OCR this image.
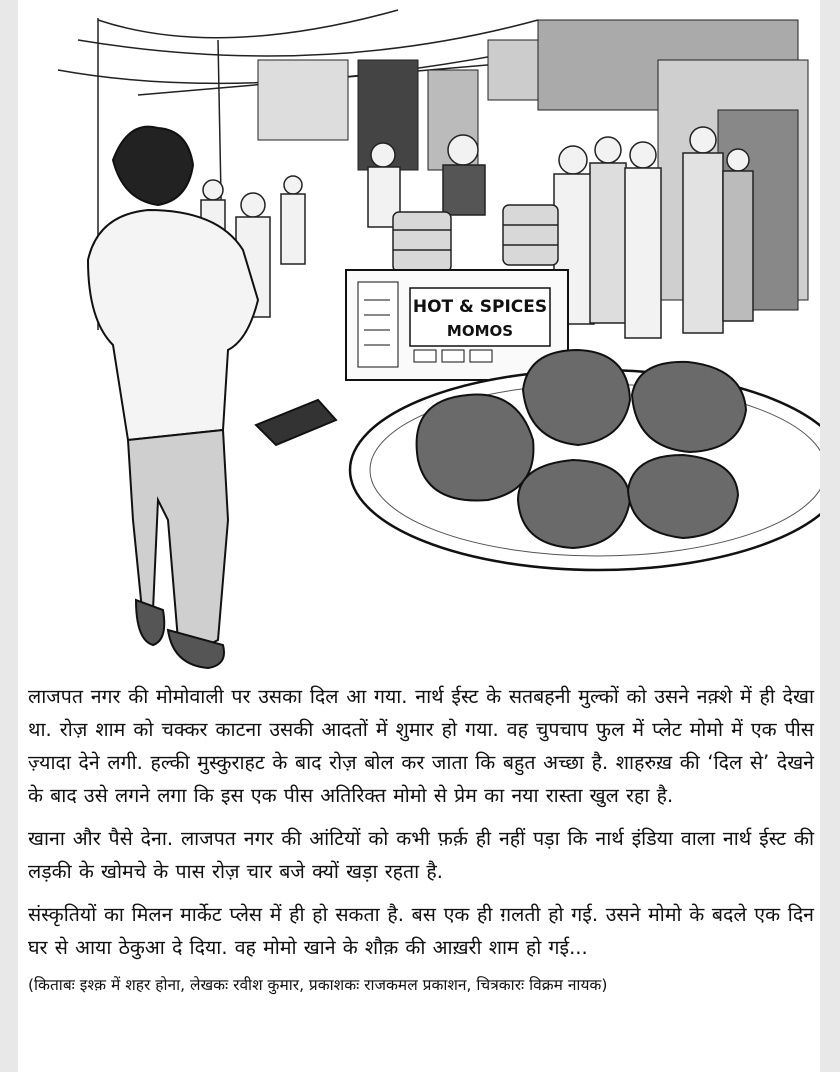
HOT & SPICES
MOMOS

लाजपत नगर की मोमोवाली पर उसका दिल आ गया. नार्थ ईस्ट के सतबहनी मुल्कों को उसने नक़्शे में ही देखा था. रोज़ शाम को चक्कर काटना उसकी आदतों में शुमार हो गया. वह चुपचाप फुल में प्लेट मोमो में एक पीस ज़्यादा देने लगी. हल्की मुस्कुराहट के बाद रोज़ बोल कर जाता कि बहुत अच्छा है. शाहरुख़ की ‘दिल से’ देखने के बाद उसे लगने लगा कि इस एक पीस अतिरिक्त मोमो से प्रेम का नया रास्ता खुल रहा है.

खाना और पैसे देना. लाजपत नगर की आंटियों को कभी फ़र्क़ ही नहीं पड़ा कि नार्थ इंडिया वाला नार्थ ईस्ट की लड़की के खोमचे के पास रोज़ चार बजे क्यों खड़ा रहता है.

संस्कृतियों का मिलन मार्केट प्लेस में ही हो सकता है. बस एक ही ग़लती हो गई. उसने मोमो के बदले एक दिन घर से आया ठेकुआ दे दिया. वह मोमो खाने के शौक़ की आख़री शाम हो गई...

(किताबः इश्क़ में शहर होना, लेखकः रवीश कुमार, प्रकाशकः राजकमल प्रकाशन, चित्रकारः विक्रम नायक)
